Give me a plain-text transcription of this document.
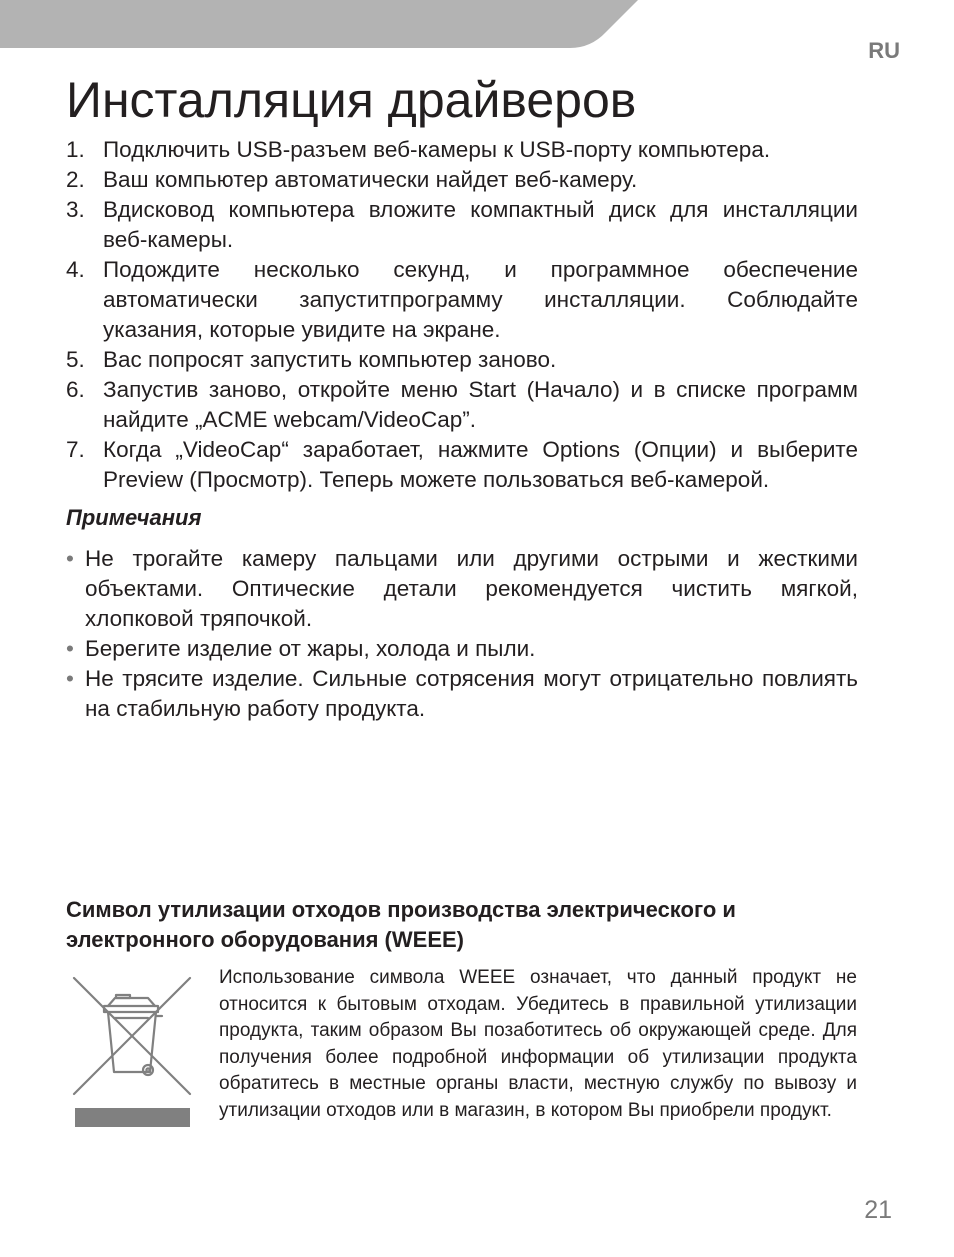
RU
Инсталляция драйверов
1. Подключить USB-разъем веб-камеры к USB-порту компьютера.
2. Ваш компьютер автоматически найдет веб-камеру.
3. Вдисковод компьютера вложите компактный диск для инсталляции веб-камеры.
4. Подождите несколько секунд, и программное обеспечение автоматически запуститпрограмму инсталляции. Соблюдайте указания, которые увидите на экране.
5. Вас попросят запустить компьютер заново.
6. Запустив заново, откройте меню Start (Начало) и в списке программ найдите „ACME webcam/VideoCap”.
7. Когда „VideoCap“ заработает, нажмите Options (Опции) и выберите Preview (Просмотр). Теперь можете пользоваться веб-камерой.
Примечания
• Не трогайте камеру пальцами или другими острыми и жесткими объектами. Оптические детали рекомендуется чистить мягкой, хлопковой тряпочкой.
• Берегите изделие от жары, холода и пыли.
• Не трясите изделие. Сильные сотрясения могут отрицательно повлиять на стабильную работу продукта.
Символ утилизации отходов производства электрического и электронного оборудования (WEEE)

Использование символа WEEE означает, что данный продукт не относится к бытовым отходам. Убедитесь в правильной утилизации продукта, таким образом Вы позаботитесь об окружающей среде. Для получения более подробной информации об утилизации продукта обратитесь в местные органы власти, местную службу по вывозу и утилизации отходов или в магазин, в котором Вы приобрели продукт.

21
